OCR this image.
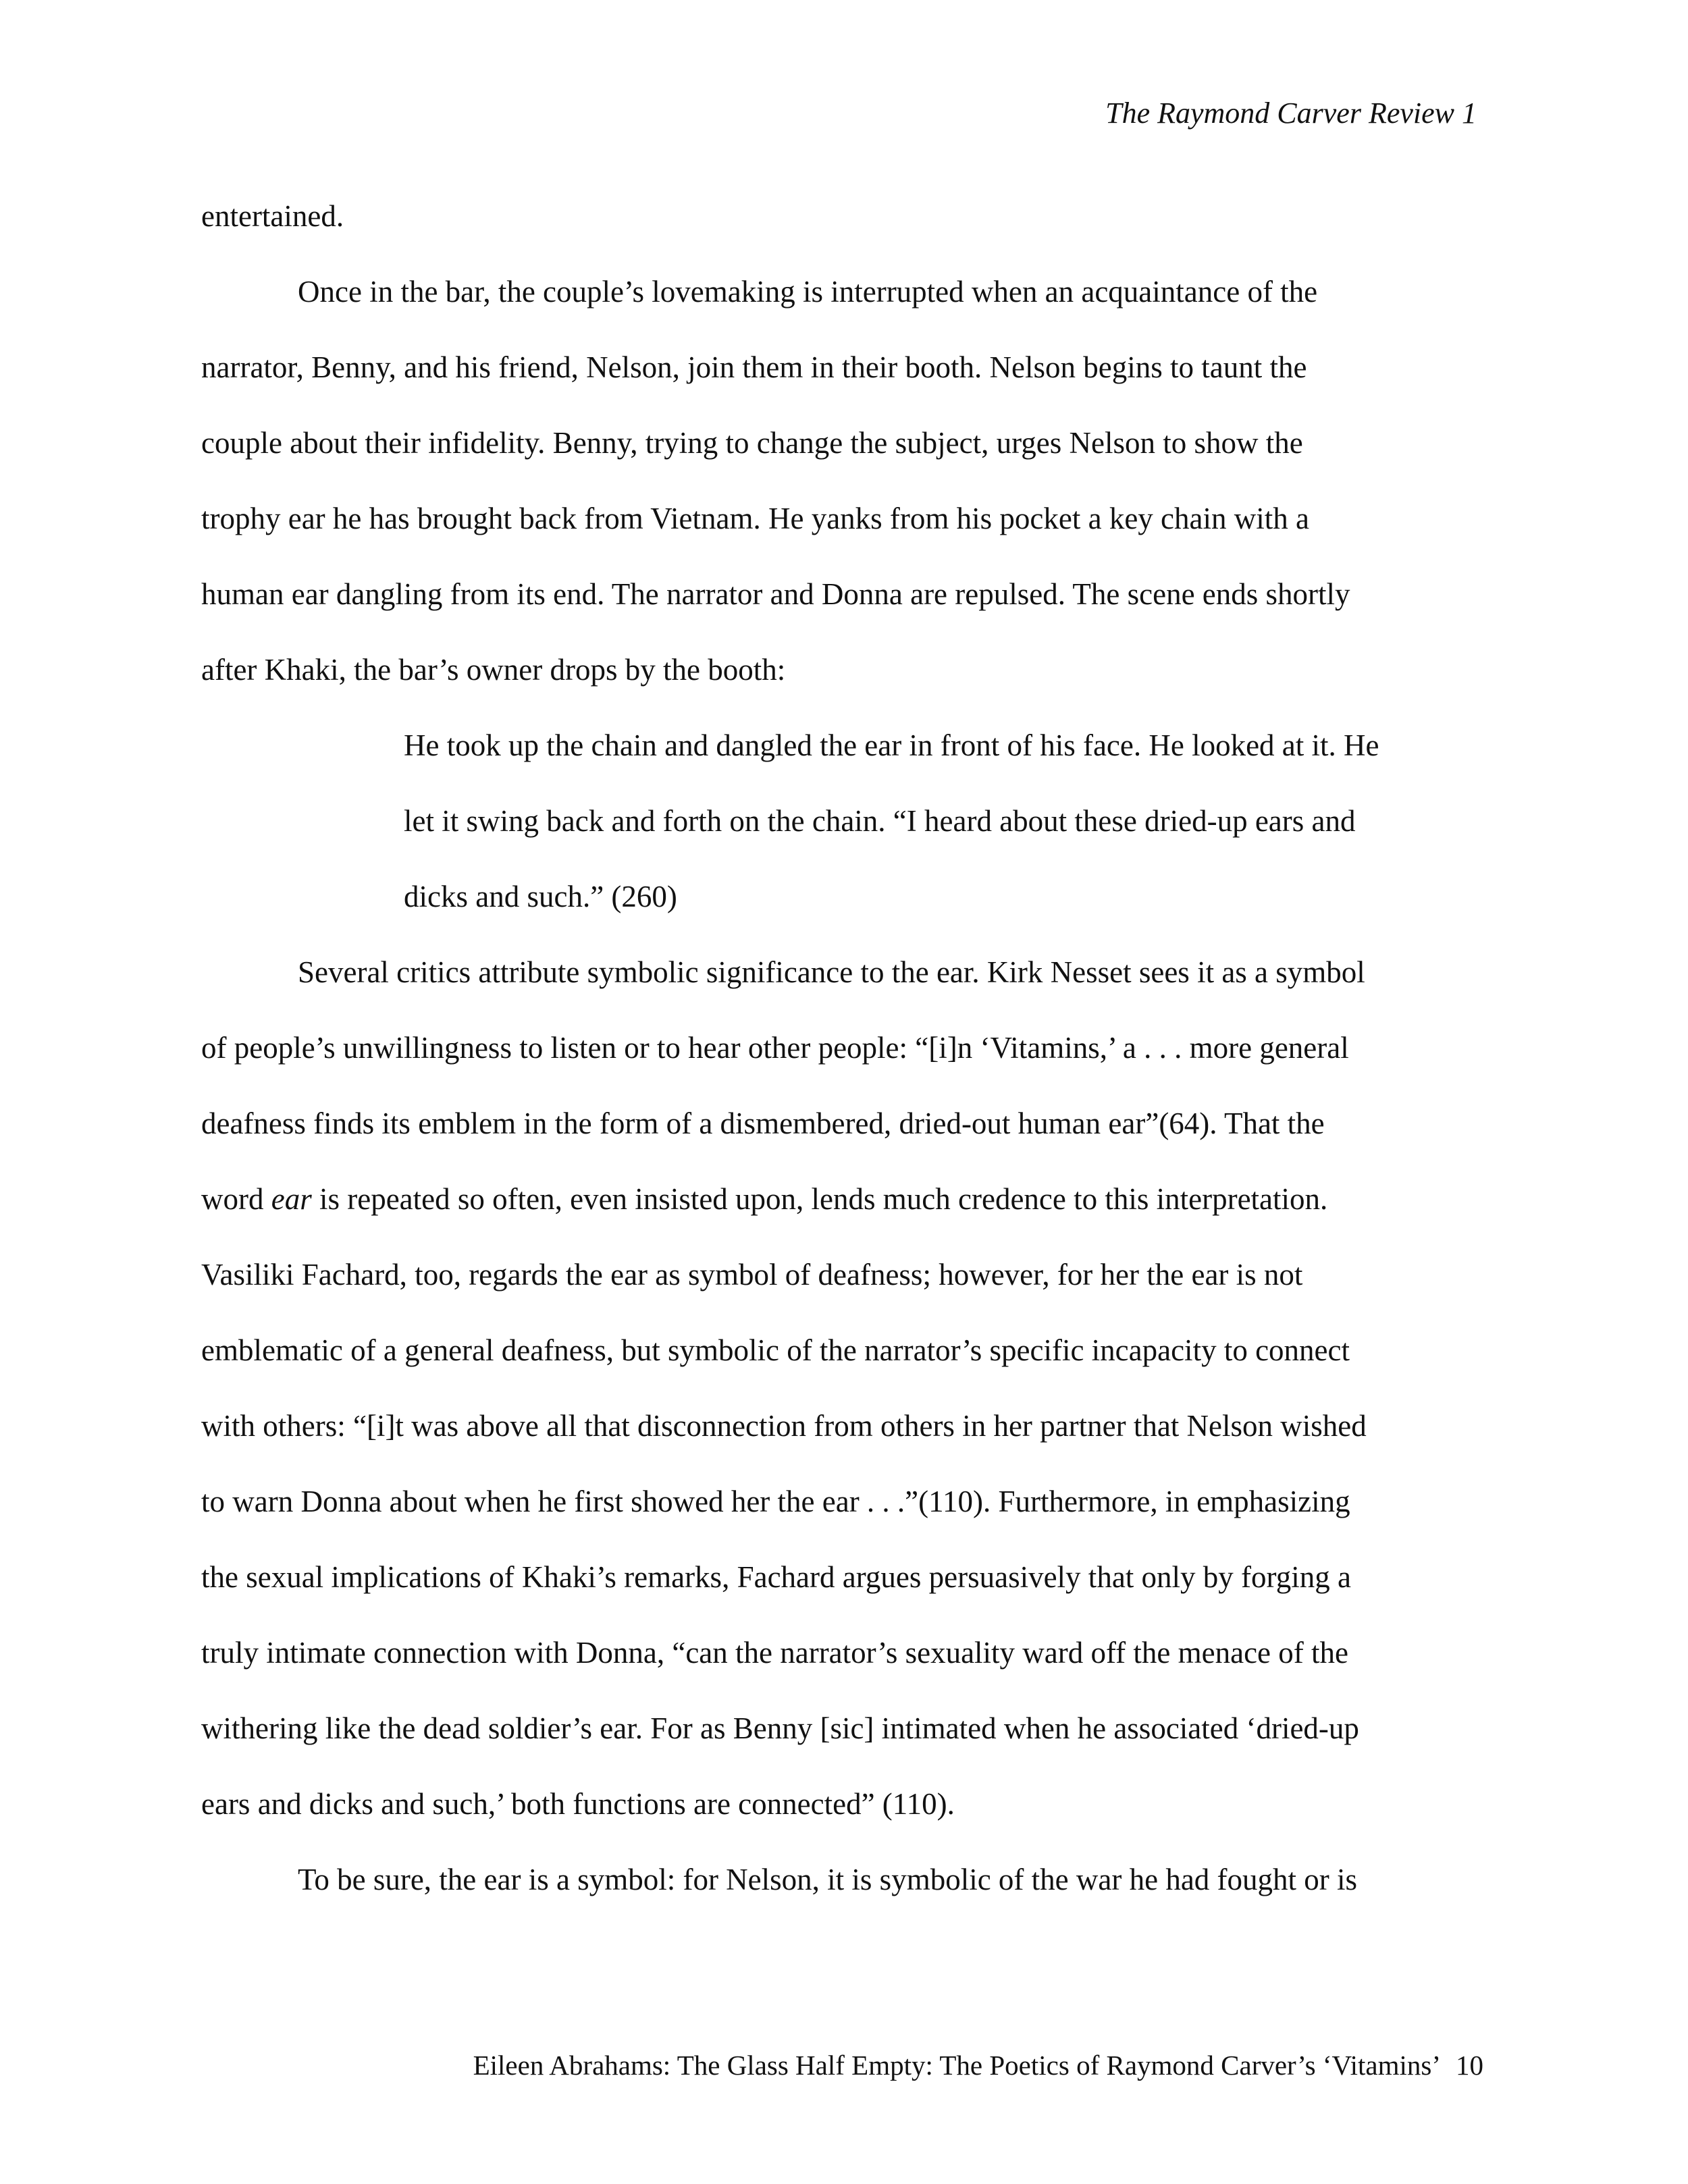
The Raymond Carver Review 1
entertained.
Once in the bar, the couple’s lovemaking is interrupted when an acquaintance of the
narrator, Benny, and his friend, Nelson, join them in their booth. Nelson begins to taunt the
couple about their infidelity. Benny, trying to change the subject, urges Nelson to show the
trophy ear he has brought back from Vietnam. He yanks from his pocket a key chain with a
human ear dangling from its end. The narrator and Donna are repulsed. The scene ends shortly
after Khaki, the bar’s owner drops by the booth:
He took up the chain and dangled the ear in front of his face. He looked at it. He
let it swing back and forth on the chain. “I heard about these dried-up ears and
dicks and such.” (260)
Several critics attribute symbolic significance to the ear. Kirk Nesset sees it as a symbol
of people’s unwillingness to listen or to hear other people: “[i]n ‘Vitamins,’ a . . . more general
deafness finds its emblem in the form of a dismembered, dried-out human ear”(64). That the
word ear is repeated so often, even insisted upon, lends much credence to this interpretation.
Vasiliki Fachard, too, regards the ear as symbol of deafness; however, for her the ear is not
emblematic of a general deafness, but symbolic of the narrator’s specific incapacity to connect
with others: “[i]t was above all that disconnection from others in her partner that Nelson wished
to warn Donna about when he first showed her the ear . . .”(110). Furthermore, in emphasizing
the sexual implications of Khaki’s remarks, Fachard argues persuasively that only by forging a
truly intimate connection with Donna, “can the narrator’s sexuality ward off the menace of the
withering like the dead soldier’s ear. For as Benny [sic] intimated when he associated ‘dried-up
ears and dicks and such,’ both functions are connected” (110).
To be sure, the ear is a symbol: for Nelson, it is symbolic of the war he had fought or is
Eileen Abrahams: The Glass Half Empty: The Poetics of Raymond Carver’s ‘Vitamins’ 10
